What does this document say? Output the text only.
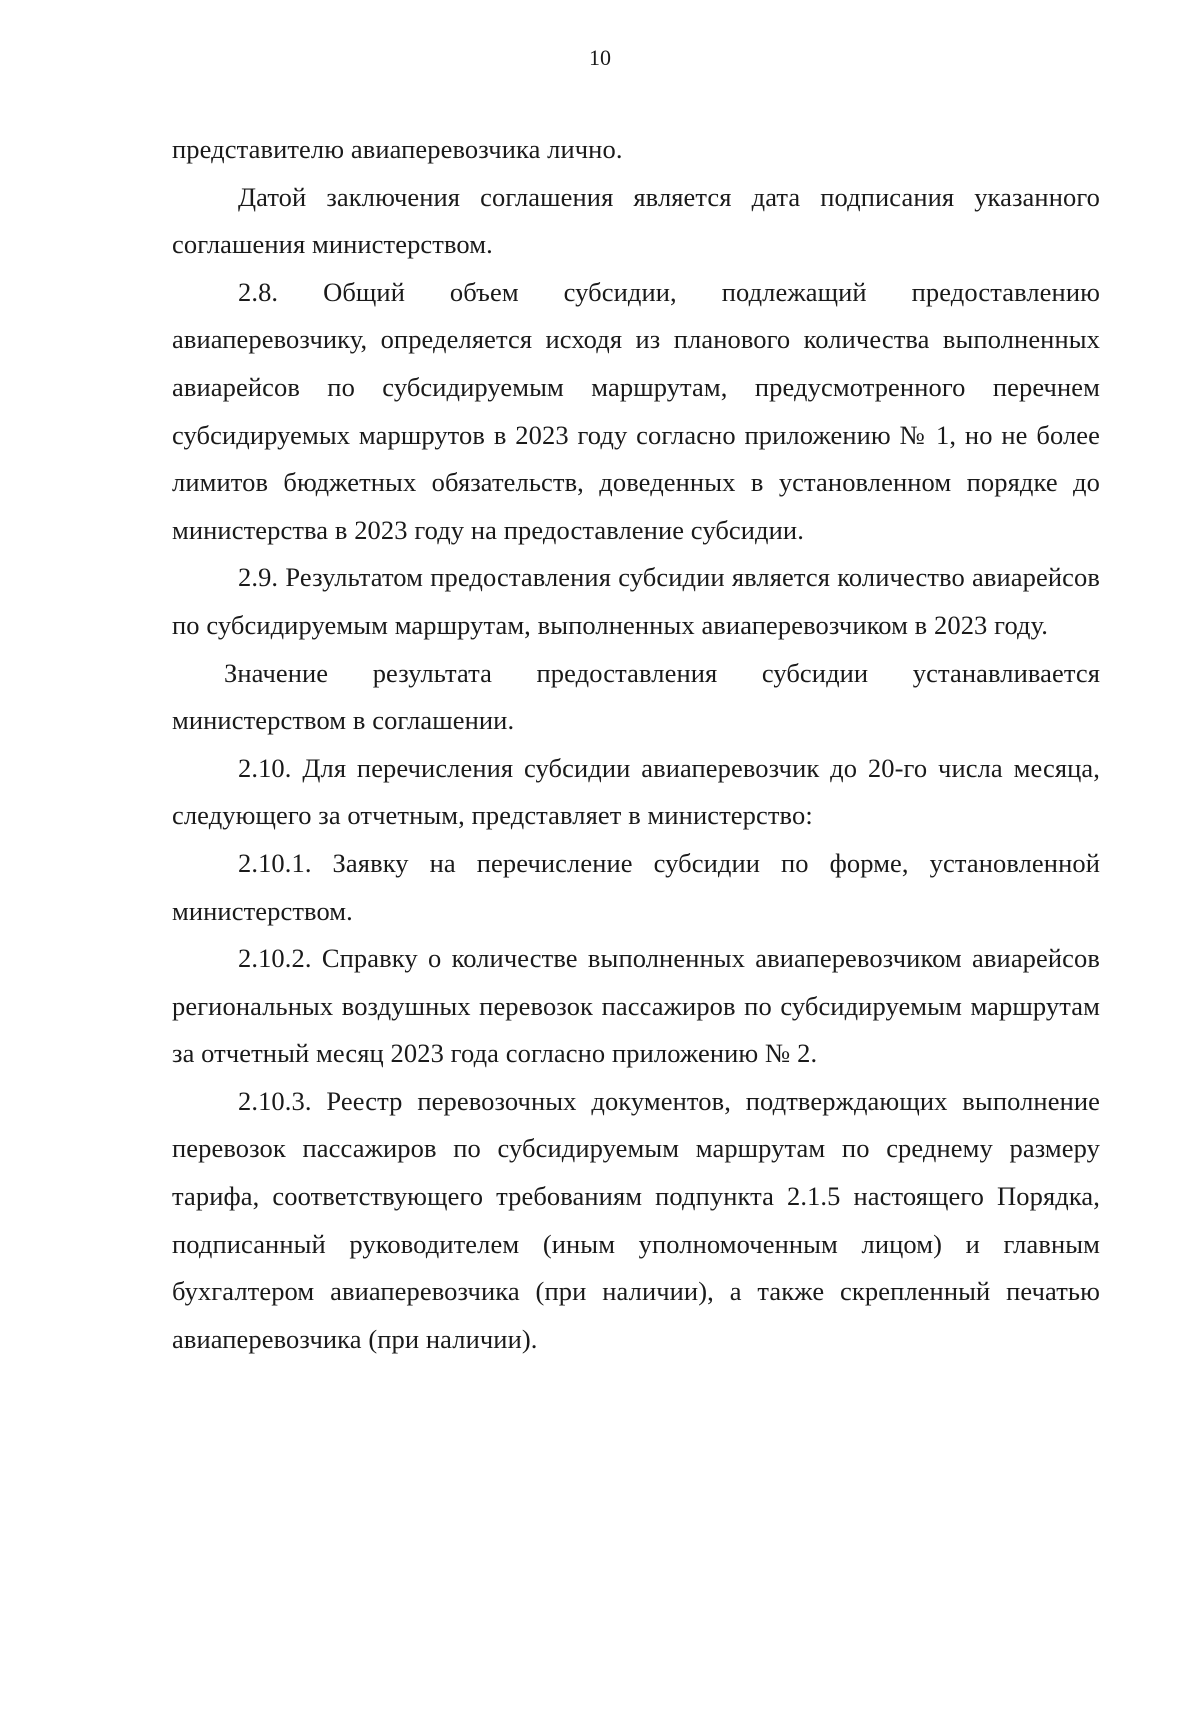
10

представителю авиаперевозчика лично.

Датой заключения соглашения является дата подписания указанного соглашения министерством.

2.8. Общий объем субсидии, подлежащий предоставлению авиаперевозчику, определяется исходя из планового количества выполненных авиарейсов по субсидируемым маршрутам, предусмотренного перечнем субсидируемых маршрутов в 2023 году согласно приложению № 1, но не более лимитов бюджетных обязательств, доведенных в установленном порядке до министерства в 2023 году на предоставление субсидии.

2.9. Результатом предоставления субсидии является количество авиарейсов по субсидируемым маршрутам, выполненных авиаперевозчиком в 2023 году.

Значение результата предоставления субсидии устанавливается министерством в соглашении.

2.10. Для перечисления субсидии авиаперевозчик до 20-го числа месяца, следующего за отчетным, представляет в министерство:

2.10.1. Заявку на перечисление субсидии по форме, установленной министерством.

2.10.2. Справку о количестве выполненных авиаперевозчиком авиарейсов региональных воздушных перевозок пассажиров по субсидируемым маршрутам за отчетный месяц 2023 года согласно приложению № 2.

2.10.3. Реестр перевозочных документов, подтверждающих выполнение перевозок пассажиров по субсидируемым маршрутам по среднему размеру тарифа, соответствующего требованиям подпункта 2.1.5 настоящего Порядка, подписанный руководителем (иным уполномоченным лицом) и главным бухгалтером авиаперевозчика (при наличии), а также скрепленный печатью авиаперевозчика (при наличии).
